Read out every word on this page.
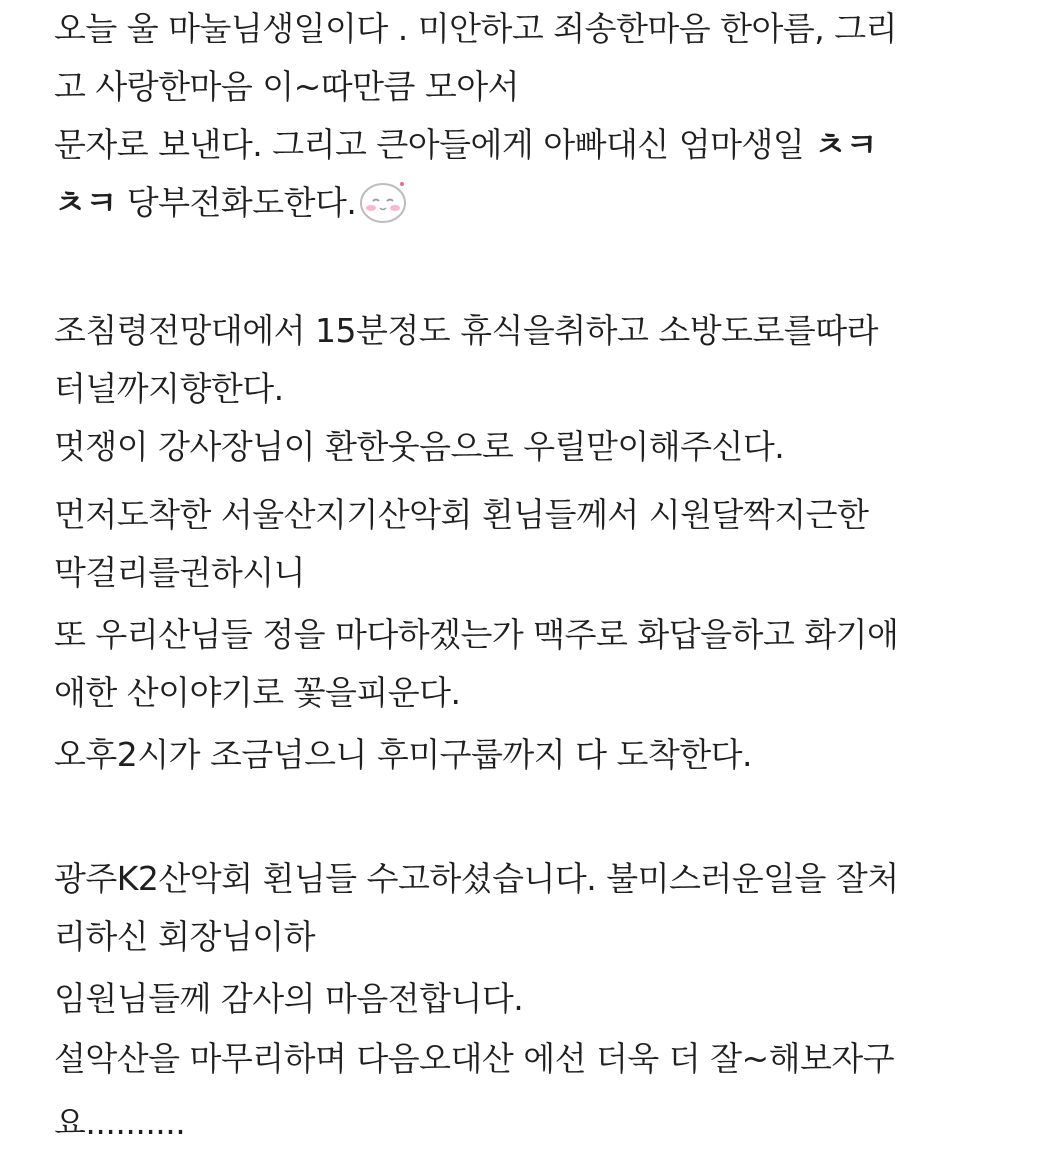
오늘 울 마눌님생일이다 . 미안하고 죄송한마음 한아름, 그리
고 사랑한마음 이~따만큼 모아서
문자로 보낸다. 그리고 큰아들에게 아빠대신 엄마생일 ㅊㅋ
ㅊㅋ 당부전화도한다.
조침령전망대에서 15분정도 휴식을취하고 소방도로를따라
터널까지향한다.
멋쟁이 강사장님이 환한웃음으로 우릴맏이해주신다.
먼저도착한 서울산지기산악회 횐님들께서 시원달짝지근한
막걸리를권하시니
또 우리산님들 정을 마다하겠는가 맥주로 화답을하고 화기애
애한 산이야기로 꽃을피운다.
오후2시가 조금넘으니 후미구룹까지 다 도착한다.
광주K2산악회 횐님들 수고하셨습니다. 불미스러운일을 잘처
리하신 회장님이하
임원님들께 감사의 마음전합니다.
설악산을 마무리하며 다음오대산 에선 더욱 더 잘~해보자구
요..........
